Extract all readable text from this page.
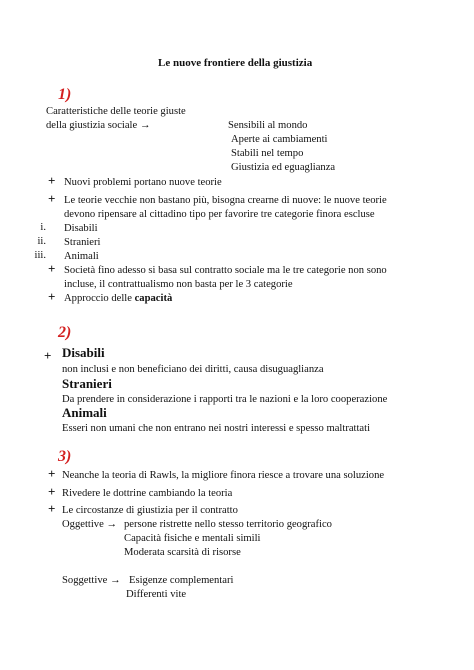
Le nuove frontiere della giustizia
1)
Caratteristiche delle teorie giuste
della giustizia sociale →	Sensibili al mondo
Aperte ai cambiamenti
Stabili nel tempo
Giustizia ed eguaglianza
+ Nuovi problemi portano nuove teorie
+ Le teorie vecchie non bastano più, bisogna crearne di nuove: le nuove teorie
devono ripensare al cittadino tipo per favorire tre categorie finora escluse
i. Disabili
ii. Stranieri
iii. Animali
+ Società fino adesso si basa sul contratto sociale ma le tre categorie non sono
incluse, il contrattualismo non basta per le 3 categorie
+ Approccio delle capacità
2)
+ Disabili
non inclusi e non beneficiano dei diritti, causa disuguaglianza
Stranieri
Da prendere in considerazione i rapporti tra le nazioni e la loro cooperazione
Animali
Esseri non umani che non entrano nei nostri interessi e spesso maltrattati
3)
+ Neanche la teoria di Rawls, la migliore finora riesce a trovare una soluzione
+ Rivedere le dottrine cambiando la teoria
+ Le circostanze di giustizia per il contratto
Oggettive → persone ristrette nello stesso territorio geografico
Capacità fisiche e mentali simili
Moderata scarsità di risorse
Soggettive → Esigenze complementari
Differenti vite
